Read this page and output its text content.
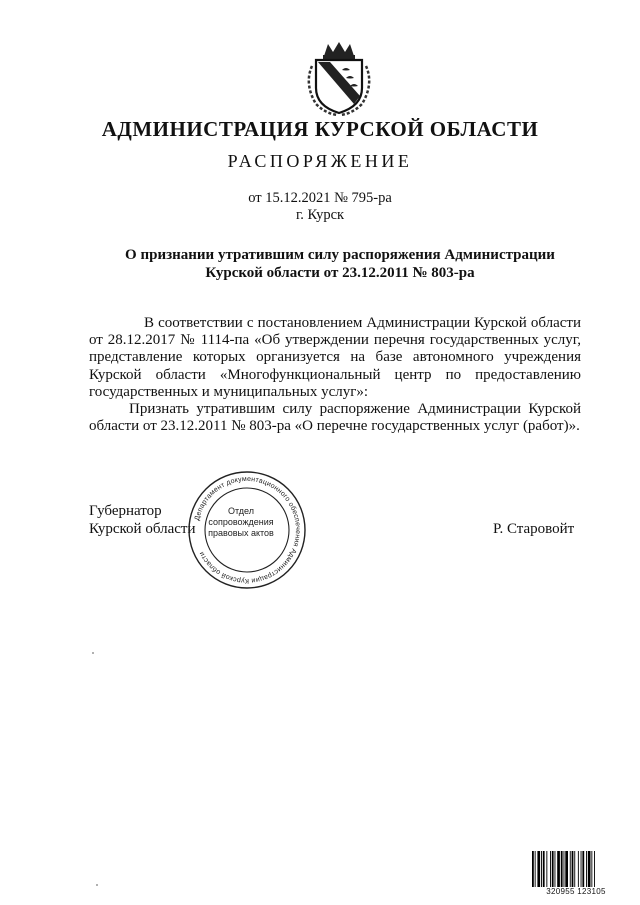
АДМИНИСТРАЦИЯ КУРСКОЙ ОБЛАСТИ
РАСПОРЯЖЕНИЕ
от 15.12.2021 № 795-ра
г. Курск
О признании утратившим силу распоряжения Администрации
Курской области от 23.12.2011 № 803-ра

В соответствии с постановлением Администрации Курской области от 28.12.2017 № 1114-па «Об утверждении перечня государственных услуг, представление которых организуется на базе автономного учреждения Курской области «Многофункциональный центр по предоставлению государственных и муниципальных услуг»:

Признать утратившим силу распоряжение Администрации Курской области от 23.12.2011 № 803-ра «О перечне государственных услуг (работ)».

Губернатор
Курской области	Р. Старовойт
Департамент документационного обеспечения Администрации Курской области
Отдел сопровождения правовых актов
320955 123105
